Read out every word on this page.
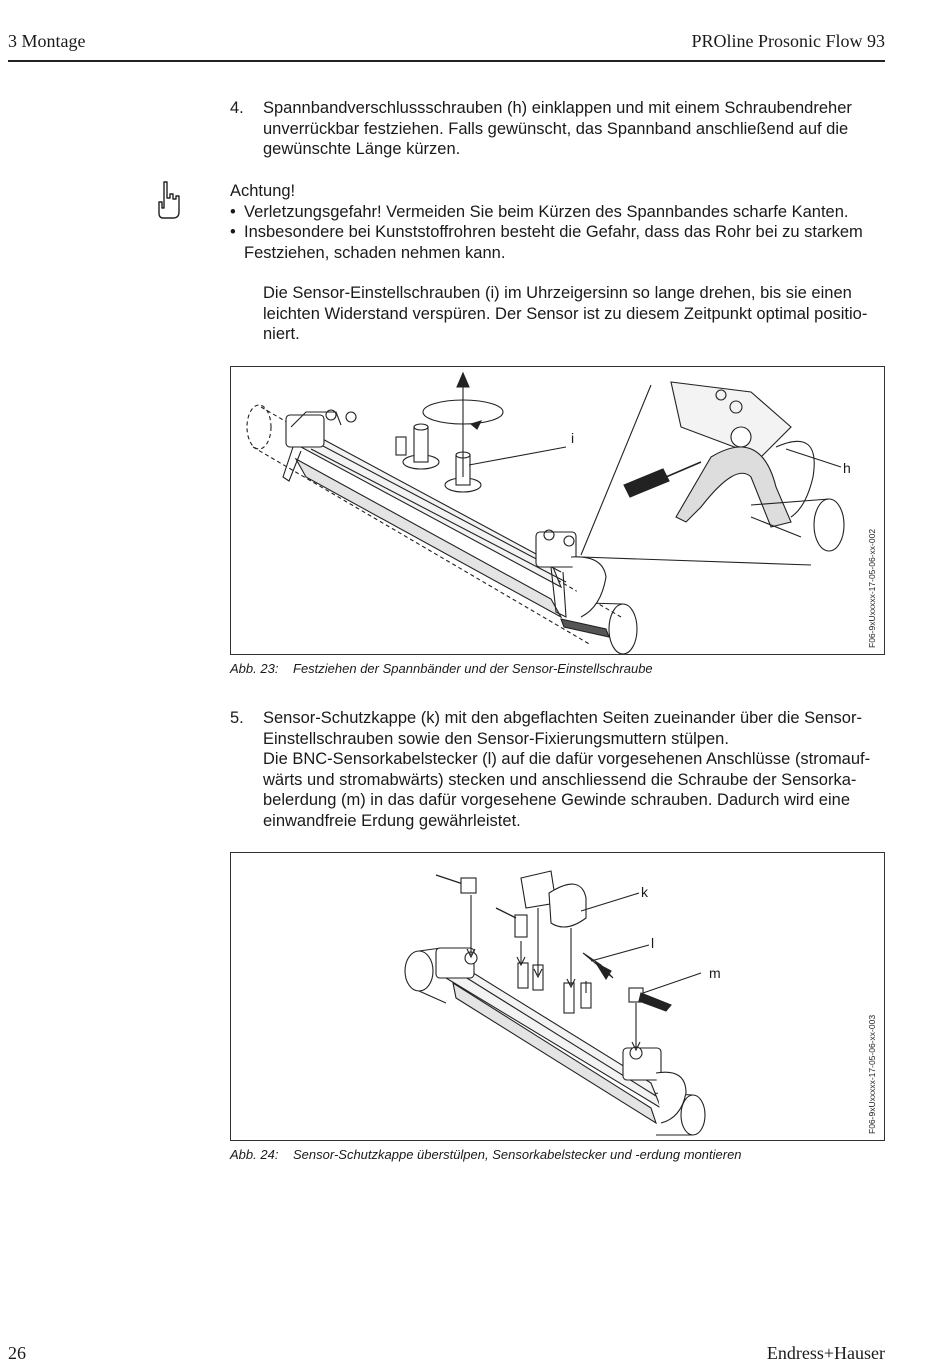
3 Montage	PROline Prosonic Flow 93
4. Spannbandverschlussschrauben (h) einklappen und mit einem Schraubendreher
unverrückbar festziehen. Falls gewünscht, das Spannband anschließend auf die
gewünschte Länge kürzen.
Achtung!
• Verletzungsgefahr! Vermeiden Sie beim Kürzen des Spannbandes scharfe Kanten.
• Insbesondere bei Kunststoffrohren besteht die Gefahr, dass das Rohr bei zu starkem
Festziehen, schaden nehmen kann.
Die Sensor-Einstellschrauben (i) im Uhrzeigersinn so lange drehen, bis sie einen
leichten Widerstand verspüren. Der Sensor ist zu diesem Zeitpunkt optimal positio-
niert.
i
h
F06-9xUxxxxx-17-05-06-xx-002
Abb. 23: Festziehen der Spannbänder und der Sensor-Einstellschraube
5. Sensor-Schutzkappe (k) mit den abgeflachten Seiten zueinander über die Sensor-
Einstellschrauben sowie den Sensor-Fixierungsmuttern stülpen.
Die BNC-Sensorkabelstecker (l) auf die dafür vorgesehenen Anschlüsse (stromauf-
wärts und stromabwärts) stecken und anschliessend die Schraube der Sensorka-
belerdung (m) in das dafür vorgesehene Gewinde schrauben. Dadurch wird eine
einwandfreie Erdung gewährleistet.
k
l
m
F06-9xUxxxxx-17-05-06-xx-003
Abb. 24: Sensor-Schutzkappe überstülpen, Sensorkabelstecker und -erdung montieren
26	Endress+Hauser
